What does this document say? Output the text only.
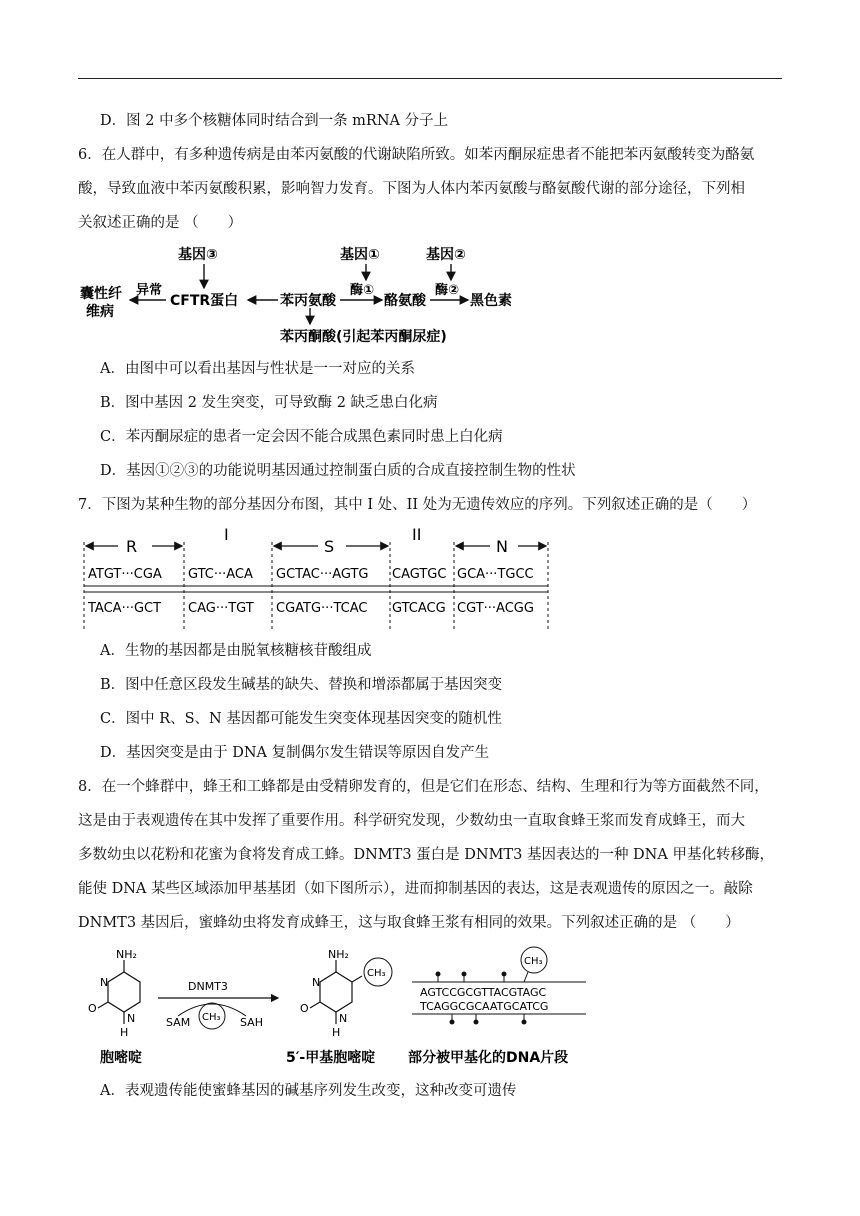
D．图 2 中多个核糖体同时结合到一条 mRNA 分子上
6．在人群中，有多种遗传病是由苯丙氨酸的代谢缺陷所致。如苯丙酮尿症患者不能把苯丙氨酸转变为酪氨
酸，导致血液中苯丙氨酸积累，影响智力发育。下图为人体内苯丙氨酸与酪氨酸代谢的部分途径，下列相
关叙述正确的是 （　　）
基因③	基因①	基因②
酶①	酶②
囊性纤
维病
异常
CFTR蛋白	苯丙氨酸	酪氨酸	黑色素
苯丙酮酸(引起苯丙酮尿症)
A．由图中可以看出基因与性状是一一对应的关系
B．图中基因 2 发生突变，可导致酶 2 缺乏患白化病
C．苯丙酮尿症的患者一定会因不能合成黑色素同时患上白化病
D．基因①②③的功能说明基因通过控制蛋白质的合成直接控制生物的性状
7．下图为某种生物的部分基因分布图，其中 I 处、II 处为无遗传效应的序列。下列叙述正确的是（　　）
R
I
S
II
N
ATGT···CGA GTC···ACA GCTAC···AGTG CAGTGC GCA···TGCC
TACA···GCT CAG···TGT CGATG···TCAC GTCACG CGT···ACGG
A．生物的基因都是由脱氧核糖核苷酸组成
B．图中任意区段发生碱基的缺失、替换和增添都属于基因突变
C．图中 R、S、N 基因都可能发生突变体现基因突变的随机性
D．基因突变是由于 DNA 复制偶尔发生错误等原因自发产生
8．在一个蜂群中，蜂王和工蜂都是由受精卵发育的，但是它们在形态、结构、生理和行为等方面截然不同，
这是由于表观遗传在其中发挥了重要作用。科学研究发现，少数幼虫一直取食蜂王浆而发育成蜂王，而大
多数幼虫以花粉和花蜜为食将发育成工蜂。DNMT3 蛋白是 DNMT3 基因表达的一种 DNA 甲基化转移酶，
能使 DNA 某些区域添加甲基基团（如下图所示），进而抑制基因的表达，这是表观遗传的原因之一。敲除
DNMT3 基因后，蜜蜂幼虫将发育成蜂王，这与取食蜂王浆有相同的效果。下列叙述正确的是 （　　）
NH₂
N
O
N
H
胞嘧啶
DNMT3
CH₃
SAM	SAH
CH₃
NH₂
N
O
N
H
5′-甲基胞嘧啶
CH₃
AGTCCGCGTTACGTAGC
TCAGGCGCAATGCATCG
部分被甲基化的DNA片段
A．表观遗传能使蜜蜂基因的碱基序列发生改变，这种改变可遗传
